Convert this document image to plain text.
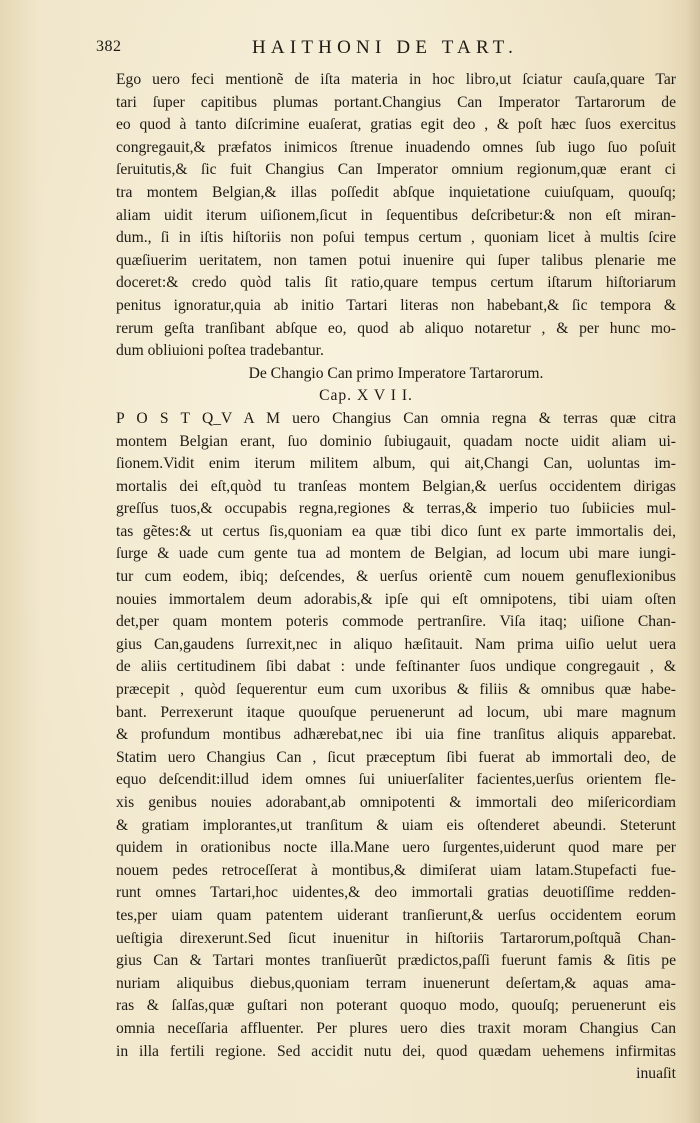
382	HAITHONI DE TART.
Ego uero feci mentionẽ de iſta materia in hoc libro,ut ſciatur cauſa,quare Tar
tari ſuper capitibus plumas portant.Changius Can Imperator Tartarorum de
eo quod à tanto diſcrimine euaſerat, gratias egit deo , & poſt hæc ſuos exercitus
congregauit,& præfatos inimicos ſtrenue inuadendo omnes ſub iugo ſuo poſuit
ſeruitutis,& ſic fuit Changius Can Imperator omnium regionum,quæ erant ci
tra montem Belgian,& illas poſſedit abſque inquietatione cuiuſquam, quouſq;
aliam uidit iterum uiſionem,ſicut in ſequentibus deſcribetur:& non eſt miran-
dum., ſi in iſtis hiſtoriis non poſui tempus certum , quoniam licet à multis ſcire
quæſiuerim ueritatem, non tamen potui inuenire qui ſuper talibus plenarie me
doceret:& credo quòd talis ſit ratio,quare tempus certum iſtarum hiſtoriarum
penitus ignoratur,quia ab initio Tartari literas non habebant,& ſic tempora &
rerum geſta tranſibant abſque eo, quod ab aliquo notaretur , & per hunc mo-
dum obliuioni poſtea tradebantur.
De Changio Can primo Imperatore Tartarorum.
Cap. X V I I.
P O S T Q_V A M uero Changius Can omnia regna & terras quæ citra
montem Belgian erant, ſuo dominio ſubiugauit, quadam nocte uidit aliam ui-
ſionem.Vidit enim iterum militem album, qui ait,Changi Can, uoluntas im-
mortalis dei eſt,quòd tu tranſeas montem Belgian,& uerſus occidentem dirigas
greſſus tuos,& occupabis regna,regiones & terras,& imperio tuo ſubiicies mul-
tas gẽtes:& ut certus ſis,quoniam ea quæ tibi dico ſunt ex parte immortalis dei,
ſurge & uade cum gente tua ad montem de Belgian, ad locum ubi mare iungi-
tur cum eodem, ibiq; deſcendes, & uerſus orientẽ cum nouem genuflexionibus
nouies immortalem deum adorabis,& ipſe qui eſt omnipotens, tibi uiam oſten
det,per quam montem poteris commode pertranſire. Viſa itaq; uiſione Chan-
gius Can,gaudens ſurrexit,nec in aliquo hæſitauit. Nam prima uiſio uelut uera
de aliis certitudinem ſibi dabat : unde feſtinanter ſuos undique congregauit , &
præcepit , quòd ſequerentur eum cum uxoribus & filiis & omnibus quæ habe-
bant. Perrexerunt itaque quouſque peruenerunt ad locum, ubi mare magnum
& profundum montibus adhærebat,nec ibi uia fine tranſitus aliquis apparebat.
Statim uero Changius Can , ſicut præceptum ſibi fuerat ab immortali deo, de
equo deſcendit:illud idem omnes ſui uniuerſaliter facientes,uerſus orientem fle-
xis genibus nouies adorabant,ab omnipotenti & immortali deo miſericordiam
& gratiam implorantes,ut tranſitum & uiam eis oſtenderet abeundi. Steterunt
quidem in orationibus nocte illa.Mane uero ſurgentes,uiderunt quod mare per
nouem pedes retroceſſerat à montibus,& dimiſerat uiam latam.Stupefacti fue-
runt omnes Tartari,hoc uidentes,& deo immortali gratias deuotiſſime redden-
tes,per uiam quam patentem uiderant tranſierunt,& uerſus occidentem eorum
ueſtigia direxerunt.Sed ſicut inuenitur in hiſtoriis Tartarorum,poſtquã Chan-
gius Can & Tartari montes tranſiuerũt prædictos,paſſi fuerunt famis & ſitis pe
nuriam aliquibus diebus,quoniam terram inuenerunt deſertam,& aquas ama-
ras & ſalſas,quæ guſtari non poterant quoquo modo, quouſq; peruenerunt eis
omnia neceſſaria affluenter. Per plures uero dies traxit moram Changius Can
in illa fertili regione. Sed accidit nutu dei, quod quædam uehemens infirmitas
inuaſit
